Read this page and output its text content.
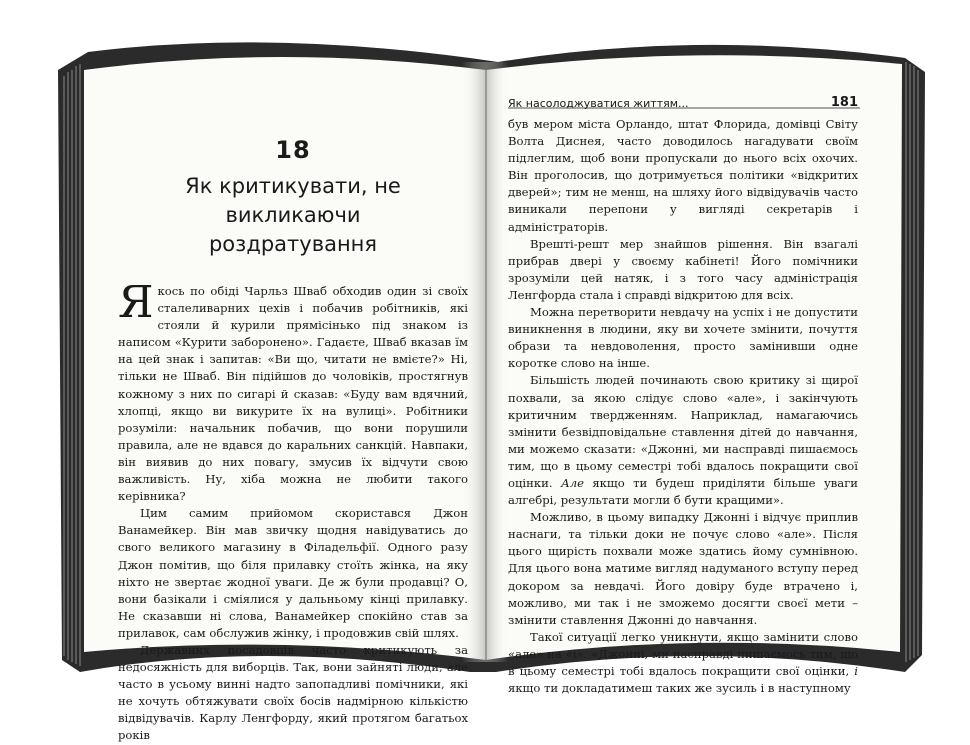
18
Як критикувати, не викликаючи
роздратування

Якось по обіді Чарльз Шваб обходив один зі своїх сталеливарних цехів і побачив робітників, які стояли й курили прямісінько під знаком із написом «Курити заборонено». Гадаєте, Шваб вказав їм на цей знак і запитав: «Ви що, читати не вмієте?» Ні, тільки не Шваб. Він підійшов до чоловіків, простягнув кожному з них по сигарі й сказав: «Буду вам вдячний, хлопці, якщо ви викурите їх на вулиці». Робітники розуміли: начальник побачив, що вони порушили правила, але не вдався до каральних санкцій. Навпаки, він виявив до них повагу, змусив їх відчути свою важливість. Ну, хіба можна не любити такого керівника?

Цим самим прийомом скористався Джон Ванамейкер. Він мав звичку щодня навідуватись до свого великого магазину в Філадельфії. Одного разу Джон помітив, що біля прилавку стоїть жінка, на яку ніхто не звертає жодної уваги. Де ж були продавці? О, вони базікали і сміялися у дальньому кінці прилавку. Не сказавши ні слова, Ванамейкер спокійно став за прилавок, сам обслужив жінку, і продовжив свій шлях.

Державних посадовців часто критикують за недосяжність для виборців. Так, вони зайняті люди, але часто в усьому винні надто запопадливі помічники, які не хочуть обтяжувати своїх босів надмірною кількістю відвідувачів. Карлу Ленгфорду, який протягом багатьох років

Як насолоджуватися життям...	181

був мером міста Орландо, штат Флорида, домівці Світу Волта Диснея, часто доводилось нагадувати своїм підлеглим, щоб вони пропускали до нього всіх охочих. Він проголосив, що дотримується політики «відкритих дверей»; тим не менш, на шляху його відвідувачів часто виникали перепони у вигляді секретарів і адміністраторів.

Врешті-решт мер знайшов рішення. Він взагалі прибрав двері у своєму кабінеті! Його помічники зрозуміли цей натяк, і з того часу адміністрація Ленгфорда стала і справді відкритою для всіх.

Можна перетворити невдачу на успіх і не допустити виникнення в людини, яку ви хочете змінити, почуття образи та невдоволення, просто замінивши одне коротке слово на інше.

Більшість людей починають свою критику зі щирої похвали, за якою слідує слово «але», і закінчують критичним твердженням. Наприклад, намагаючись змінити безвідповідальне ставлення дітей до навчання, ми можемо сказати: «Джонні, ми насправді пишаємось тим, що в цьому семестрі тобі вдалось покращити свої оцінки. Але якщо ти будеш приділяти більше уваги алгебрі, результати могли б бути кращими».

Можливо, в цьому випадку Джонні і відчує приплив наснаги, та тільки доки не почує слово «але». Після цього щирість похвали може здатись йому сумнівною. Для цього вона матиме вигляд надуманого вступу перед докором за невдачі. Його довіру буде втрачено і, можливо, ми так і не зможемо досягти своєї мети – змінити ставлення Джонні до навчання.

Такої ситуації легко уникнути, якщо замінити слово «але» на «і». «Джонні, ми насправді пишаємось тим, що в цьому семестрі тобі вдалось покращити свої оцінки, і якщо ти докладатимеш таких же зусиль і в наступному
